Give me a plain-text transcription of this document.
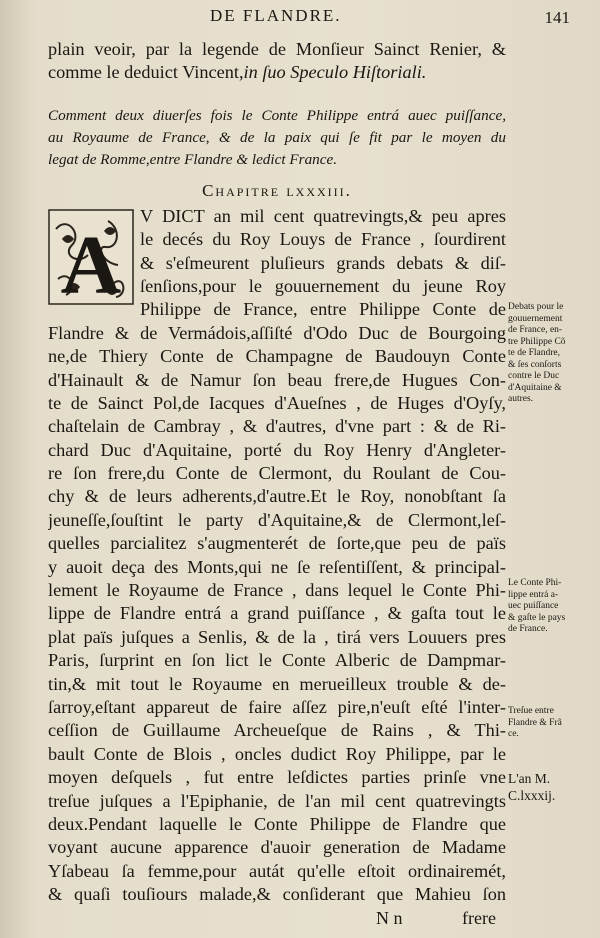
DE FLANDRE.	141
plain veoir, par la legende de Monſieur Sainct Renier, &
comme le deduict Vincent,in ſuo Speculo Hiſtoriali.
Comment deux diuerſes fois le Conte Philippe entrá auec puiſſance,
au Royaume de France, & de la paix qui ſe fit par le moyen du
legat de Romme,entre Flandre & ledict France.
Chapitre lxxxiii.
A
V DICT an mil cent quatrevingts,& peu apres
le decés du Roy Louys de France , ſourdirent
& s'eſmeurent pluſieurs grands debats & diſ-
ſenſions,pour le gouuernement du jeune Roy
Philippe de France, entre Philippe Conte de
Flandre & de Vermádois,aſſiſté d'Odo Duc de Bourgoing
ne,de Thiery Conte de Champagne de Baudouyn Conte
d'Hainault & de Namur ſon beau frere,de Hugues Con-
te de Sainct Pol,de Iacques d'Aueſnes , de Huges d'Oyſy,
chaſtelain de Cambray , & d'autres, d'vne part : & de Ri-
chard Duc d'Aquitaine, porté du Roy Henry d'Angleter-
re ſon frere,du Conte de Clermont, du Roulant de Cou-
chy & de leurs adherents,d'autre.Et le Roy, nonobſtant ſa
jeuneſſe,ſouſtint le party d'Aquitaine,& de Clermont,leſ-
quelles parcialitez s'augmenterét de ſorte,que peu de païs
y auoit deça des Monts,qui ne ſe reſentiſſent, & principal-
lement le Royaume de France , dans lequel le Conte Phi-
lippe de Flandre entrá a grand puiſſance , & gaſta tout le
plat païs juſques a Senlis, & de la , tirá vers Louuers pres
Paris, ſurprint en ſon lict le Conte Alberic de Dampmar-
tin,& mit tout le Royaume en merueilleux trouble & de-
ſarroy,eſtant appareut de faire aſſez pire,n'euſt eſté l'inter-
ceſſion de Guillaume Archeueſque de Rains , & Thi-
bault Conte de Blois , oncles dudict Roy Philippe, par le
moyen deſquels , fut entre leſdictes parties prinſe vne
treſue juſques a l'Epiphanie, de l'an mil cent quatrevingts
deux.Pendant laquelle le Conte Philippe de Flandre que
voyant aucune apparence d'auoir generation de Madame
Yſabeau ſa femme,pour autát qu'elle eſtoit ordinairemét,
& quaſi touſiours malade,& conſiderant que Mahieu ſon
N n	frere
Debats pour le
gouuernement
de France, en-
tre Philippe Cõ
te de Flandre,
& ſes conſorts
contre le Duc
d'Aquitaine &
autres.
Le Conte Phi-
lippe entrá a-
uec puiſſance
& gaſte le pays
de France.
Treſue entre
Flandre & Frã
ce.
L'an M.
C.lxxxij.
